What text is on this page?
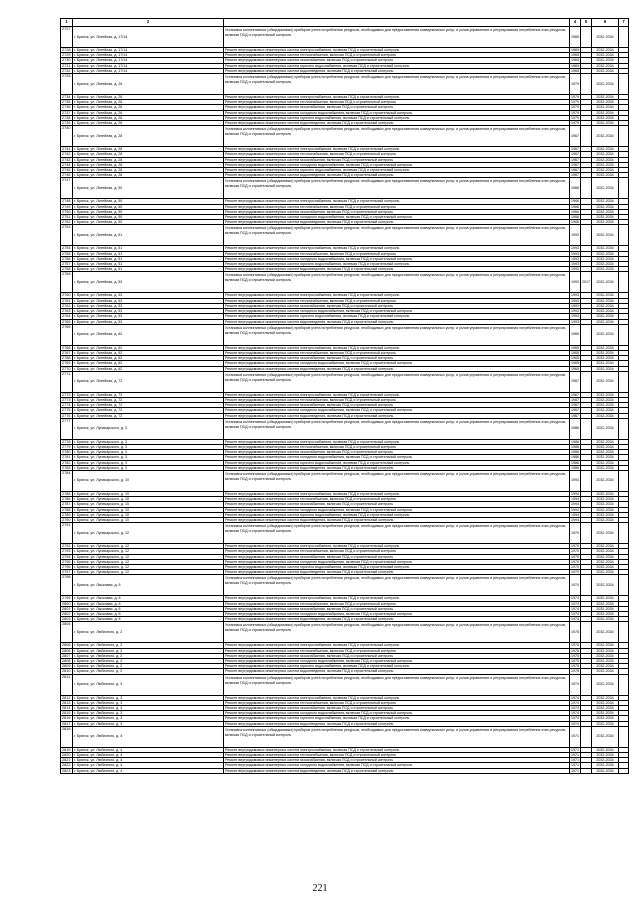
1	2		4	5	6	7
2727	г. Брянск, ул. Литейная, д. 17/14	Установка коллективных (общедомовых) приборов учета потребления ресурсов, необходимых для предоставления коммунальных услуг, и узлов управления и регулирования потребления этих ресурсов, включая ПСД и строительный контроль	1965		2032-2034	
2728	г. Брянск, ул. Литейная, д. 17/14	Ремонт внутридомовых инженерных систем электроснабжения, включая ПСД и строительный контроль	1965		2032-2034	
2729	г. Брянск, ул. Литейная, д. 17/14	Ремонт внутридомовых инженерных систем теплоснабжения, включая ПСД и строительный контроль	1965		2032-2034	
2730	г. Брянск, ул. Литейная, д. 17/14	Ремонт внутридомовых инженерных систем газоснабжения, включая ПСД и строительный контроль	1965		2032-2034	
2731	г. Брянск, ул. Литейная, д. 17/14	Ремонт внутридомовых инженерных систем горячего водоснабжения, включая ПСД и строительный контроль	1965		2032-2034	
2732	г. Брянск, ул. Литейная, д. 17/14	Ремонт внутридомовых инженерных систем водоотведения, включая ПСД и строительный контроль	1965		2032-2034	
2733	г. Брянск, ул. Литейная, д. 26	Установка коллективных (общедомовых) приборов учета потребления ресурсов, необходимых для предоставления коммунальных услуг, и узлов управления и регулирования потребления этих ресурсов, включая ПСД и строительный контроль	1979		2032-2034	
2734	г. Брянск, ул. Литейная, д. 26	Ремонт внутридомовых инженерных систем электроснабжения, включая ПСД и строительный контроль	1979		2032-2034	
2735	г. Брянск, ул. Литейная, д. 26	Ремонт внутридомовых инженерных систем теплоснабжения, включая ПСД и строительный контроль	1979		2032-2034	
2736	г. Брянск, ул. Литейная, д. 26	Ремонт внутридомовых инженерных систем газоснабжения, включая ПСД и строительный контроль	1979		2032-2034	
2737	г. Брянск, ул. Литейная, д. 26	Ремонт внутридомовых инженерных систем холодного водоснабжения, включая ПСД и строительный контроль	1979		2032-2034	
2738	г. Брянск, ул. Литейная, д. 26	Ремонт внутридомовых инженерных систем горячего водоснабжения, включая ПСД и строительный контроль	1979		2032-2034	
2739	г. Брянск, ул. Литейная, д. 26	Ремонт внутридомовых инженерных систем водоотведения, включая ПСД и строительный контроль	1979		2032-2034	
2740	г. Брянск, ул. Литейная, д. 28	Установка коллективных (общедомовых) приборов учета потребления ресурсов, необходимых для предоставления коммунальных услуг, и узлов управления и регулирования потребления этих ресурсов, включая ПСД и строительный контроль	1967		2032-2034	
2741	г. Брянск, ул. Литейная, д. 28	Ремонт внутридомовых инженерных систем электроснабжения, включая ПСД и строительный контроль	1967		2032-2034	
2742	г. Брянск, ул. Литейная, д. 28	Ремонт внутридомовых инженерных систем теплоснабжения, включая ПСД и строительный контроль	1967		2032-2034	
2743	г. Брянск, ул. Литейная, д. 28	Ремонт внутридомовых инженерных систем газоснабжения, включая ПСД и строительный контроль	1967		2032-2034	
2744	г. Брянск, ул. Литейная, д. 28	Ремонт внутридомовых инженерных систем холодного водоснабжения, включая ПСД и строительный контроль	1967		2032-2034	
2745	г. Брянск, ул. Литейная, д. 28	Ремонт внутридомовых инженерных систем горячего водоснабжения, включая ПСД и строительный контроль	1967		2032-2034	
2746	г. Брянск, ул. Литейная, д. 28	Ремонт внутридомовых инженерных систем водоотведения, включая ПСД и строительный контроль	1967		2032-2034	
2747	г. Брянск, ул. Литейная, д. 50	Установка коллективных (общедомовых) приборов учета потребления ресурсов, необходимых для предоставления коммунальных услуг, и узлов управления и регулирования потребления этих ресурсов, включая ПСД и строительный контроль	1966		2032-2034	
2748	г. Брянск, ул. Литейная, д. 50	Ремонт внутридомовых инженерных систем электроснабжения, включая ПСД и строительный контроль	1966		2032-2034	
2749	г. Брянск, ул. Литейная, д. 50	Ремонт внутридомовых инженерных систем теплоснабжения, включая ПСД и строительный контроль	1966		2032-2034	
2750	г. Брянск, ул. Литейная, д. 50	Ремонт внутридомовых инженерных систем газоснабжения, включая ПСД и строительный контроль	1966		2032-2034	
2751	г. Брянск, ул. Литейная, д. 50	Ремонт внутридомовых инженерных систем холодного водоснабжения, включая ПСД и строительный контроль	1966		2032-2034	
2752	г. Брянск, ул. Литейная, д. 50	Ремонт внутридомовых инженерных систем водоотведения, включая ПСД и строительный контроль	1966		2032-2034	
2753	г. Брянск, ул. Литейная, д. 51	Установка коллективных (общедомовых) приборов учета потребления ресурсов, необходимых для предоставления коммунальных услуг, и узлов управления и регулирования потребления этих ресурсов, включая ПСД и строительный контроль	1993		2032-2034	
2754	г. Брянск, ул. Литейная, д. 51	Ремонт внутридомовых инженерных систем электроснабжения, включая ПСД и строительный контроль	1993		2032-2034	
2755	г. Брянск, ул. Литейная, д. 51	Ремонт внутридомовых инженерных систем теплоснабжения, включая ПСД и строительный контроль	1993		2032-2034	
2756	г. Брянск, ул. Литейная, д. 51	Ремонт внутридомовых инженерных систем холодного водоснабжения, включая ПСД и строительный контроль	1993		2032-2034	
2757	г. Брянск, ул. Литейная, д. 51	Ремонт внутридомовых инженерных систем горячего водоснабжения, включая ПСД и строительный контроль	1993		2032-2034	
2758	г. Брянск, ул. Литейная, д. 51	Ремонт внутридомовых инженерных систем водоотведения, включая ПСД и строительный контроль	1993		2032-2034	
2759	г. Брянск, ул. Литейная, д. 53	Установка коллективных (общедомовых) приборов учета потребления ресурсов, необходимых для предоставления коммунальных услуг, и узлов управления и регулирования потребления этих ресурсов, включая ПСД и строительный контроль	1993	2017	2032-2034	
2760	г. Брянск, ул. Литейная, д. 53	Ремонт внутридомовых инженерных систем электроснабжения, включая ПСД и строительный контроль	1993		2032-2034	
2761	г. Брянск, ул. Литейная, д. 53	Ремонт внутридомовых инженерных систем теплоснабжения, включая ПСД и строительный контроль	1993		2032-2034	
2762	г. Брянск, ул. Литейная, д. 53	Ремонт внутридомовых инженерных систем газоснабжения, включая ПСД и строительный контроль	1993		2032-2034	
2763	г. Брянск, ул. Литейная, д. 53	Ремонт внутридомовых инженерных систем холодного водоснабжения, включая ПСД и строительный контроль	1993		2032-2034	
2764	г. Брянск, ул. Литейная, д. 53	Ремонт внутридомовых инженерных систем горячего водоснабжения, включая ПСД и строительный контроль	1993		2032-2034	
2765	г. Брянск, ул. Литейная, д. 53	Ремонт внутридомовых инженерных систем водоотведения, включая ПСД и строительный контроль	1993		2032-2034	
2765	г. Брянск, ул. Литейная, д. 62	Установка коллективных (общедомовых) приборов учета потребления ресурсов, необходимых для предоставления коммунальных услуг, и узлов управления и регулирования потребления этих ресурсов, включая ПСД и строительный контроль	1965		2032-2034	
2766	г. Брянск, ул. Литейная, д. 62	Ремонт внутридомовых инженерных систем электроснабжения, включая ПСД и строительный контроль	1965		2032-2034	
2767	г. Брянск, ул. Литейная, д. 62	Ремонт внутридомовых инженерных систем теплоснабжения, включая ПСД и строительный контроль	1965		2032-2034	
2768	г. Брянск, ул. Литейная, д. 62	Ремонт внутридомовых инженерных систем газоснабжения, включая ПСД и строительный контроль	1965		2032-2034	
2769	г. Брянск, ул. Литейная, д. 62	Ремонт внутридомовых инженерных систем холодного водоснабжения, включая ПСД и строительный контроль	1965		2032-2034	
2770	г. Брянск, ул. Литейная, д. 62	Ремонт внутридомовых инженерных систем водоотведения, включая ПСД и строительный контроль	1965		2032-2034	
2771	г. Брянск, ул. Литейная, д. 72	Установка коллективных (общедомовых) приборов учета потребления ресурсов, необходимых для предоставления коммунальных услуг, и узлов управления и регулирования потребления этих ресурсов, включая ПСД и строительный контроль	1967		2032-2034	
2772	г. Брянск, ул. Литейная, д. 72	Ремонт внутридомовых инженерных систем электроснабжения, включая ПСД и строительный контроль	1967		2032-2034	
2773	г. Брянск, ул. Литейная, д. 72	Ремонт внутридомовых инженерных систем теплоснабжения, включая ПСД и строительный контроль	1967		2032-2034	
2774	г. Брянск, ул. Литейная, д. 72	Ремонт внутридомовых инженерных систем газоснабжения, включая ПСД и строительный контроль	1967		2032-2034	
2775	г. Брянск, ул. Литейная, д. 72	Ремонт внутридомовых инженерных систем холодного водоснабжения, включая ПСД и строительный контроль	1967		2032-2034	
2776	г. Брянск, ул. Литейная, д. 72	Ремонт внутридомовых инженерных систем водоотведения, включая ПСД и строительный контроль	1967		2032-2034	
2777	г. Брянск, ул. Луначарского, д. 3	Установка коллективных (общедомовых) приборов учета потребления ресурсов, необходимых для предоставления коммунальных услуг, и узлов управления и регулирования потребления этих ресурсов, включая ПСД и строительный контроль	1986		2032-2034	
2778	г. Брянск, ул. Луначарского, д. 3	Ремонт внутридомовых инженерных систем электроснабжения, включая ПСД и строительный контроль	1986		2032-2034	
2779	г. Брянск, ул. Луначарского, д. 3	Ремонт внутридомовых инженерных систем теплоснабжения, включая ПСД и строительный контроль	1986		2032-2034	
2780	г. Брянск, ул. Луначарского, д. 3	Ремонт внутридомовых инженерных систем газоснабжения, включая ПСД и строительный контроль	1986		2032-2034	
2781	г. Брянск, ул. Луначарского, д. 3	Ремонт внутридомовых инженерных систем холодного водоснабжения, включая ПСД и строительный контроль	1986		2032-2034	
2782	г. Брянск, ул. Луначарского, д. 3	Ремонт внутридомовых инженерных систем горячего водоснабжения, включая ПСД и строительный контроль	1986		2032-2034	
2783	г. Брянск, ул. Луначарского, д. 3	Ремонт внутридомовых инженерных систем водоотведения, включая ПСД и строительный контроль	1986		2032-2034	
2784	г. Брянск, ул. Луначарского, д. 10	Установка коллективных (общедомовых) приборов учета потребления ресурсов, необходимых для предоставления коммунальных услуг, и узлов управления и регулирования потребления этих ресурсов, включая ПСД и строительный контроль	1994		2032-2034	
2785	г. Брянск, ул. Луначарского, д. 10	Ремонт внутридомовых инженерных систем электроснабжения, включая ПСД и строительный контроль	1994		2032-2034	
2786	г. Брянск, ул. Луначарского, д. 10	Ремонт внутридомовых инженерных систем теплоснабжения, включая ПСД и строительный контроль	1994		2032-2034	
2787	г. Брянск, ул. Луначарского, д. 10	Ремонт внутридомовых инженерных систем газоснабжения, включая ПСД и строительный контроль	1994		2032-2034	
2788	г. Брянск, ул. Луначарского, д. 10	Ремонт внутридомовых инженерных систем холодного водоснабжения, включая ПСД и строительный контроль	1994		2032-2034	
2789	г. Брянск, ул. Луначарского, д. 10	Ремонт внутридомовых инженерных систем горячего водоснабжения, включая ПСД и строительный контроль	1994		2032-2034	
2790	г. Брянск, ул. Луначарского, д. 10	Ремонт внутридомовых инженерных систем водоотведения, включая ПСД и строительный контроль	1994		2032-2034	
2791	г. Брянск, ул. Луначарского, д. 12	Установка коллективных (общедомовых) приборов учета потребления ресурсов, необходимых для предоставления коммунальных услуг, и узлов управления и регулирования потребления этих ресурсов, включая ПСД и строительный контроль	1970		2032-2034	
2792	г. Брянск, ул. Луначарского, д. 12	Ремонт внутридомовых инженерных систем электроснабжения, включая ПСД и строительный контроль	1970		2032-2034	
2793	г. Брянск, ул. Луначарского, д. 12	Ремонт внутридомовых инженерных систем теплоснабжения, включая ПСД и строительный контроль	1970		2032-2034	
2794	г. Брянск, ул. Луначарского, д. 12	Ремонт внутридомовых инженерных систем газоснабжения, включая ПСД и строительный контроль	1970		2032-2034	
2795	г. Брянск, ул. Луначарского, д. 12	Ремонт внутридомовых инженерных систем холодного водоснабжения, включая ПСД и строительный контроль	1970		2032-2034	
2796	г. Брянск, ул. Луначарского, д. 12	Ремонт внутридомовых инженерных систем горячего водоснабжения, включая ПСД и строительный контроль	1970		2032-2034	
2797	г. Брянск, ул. Луначарского, д. 12	Ремонт внутридомовых инженерных систем водоотведения, включая ПСД и строительный контроль	1970		2032-2034	
2798	г. Брянск, ул. Лысковая, д. 6	Установка коллективных (общедомовых) приборов учета потребления ресурсов, необходимых для предоставления коммунальных услуг, и узлов управления и регулирования потребления этих ресурсов, включая ПСД и строительный контроль	1974		2032-2034	
2799	г. Брянск, ул. Лысковая, д. 6	Ремонт внутридомовых инженерных систем электроснабжения, включая ПСД и строительный контроль	1974		2032-2034	
2800	г. Брянск, ул. Лысковая, д. 6	Ремонт внутридомовых инженерных систем теплоснабжения, включая ПСД и строительный контроль	1974		2032-2034	
2801	г. Брянск, ул. Лысковая, д. 6	Ремонт внутридомовых инженерных систем газоснабжения, включая ПСД и строительный контроль	1974		2032-2034	
2802	г. Брянск, ул. Лысковая, д. 6	Ремонт внутридомовых инженерных систем холодного водоснабжения, включая ПСД и строительный контроль	1974		2032-2034	
2803	г. Брянск, ул. Лысковая, д. 6	Ремонт внутридомовых инженерных систем водоотведения, включая ПСД и строительный контроль	1974		2032-2034	
2804	г. Брянск, ул. Любезного, д. 2	Установка коллективных (общедомовых) приборов учета потребления ресурсов, необходимых для предоставления коммунальных услуг, и узлов управления и регулирования потребления этих ресурсов, включая ПСД и строительный контроль	1975		2032-2034	
2805	г. Брянск, ул. Любезного, д. 2	Ремонт внутридомовых инженерных систем электроснабжения, включая ПСД и строительный контроль	1975		2032-2034	
2806	г. Брянск, ул. Любезного, д. 2	Ремонт внутридомовых инженерных систем теплоснабжения, включая ПСД и строительный контроль	1975		2032-2034	
2807	г. Брянск, ул. Любезного, д. 2	Ремонт внутридомовых инженерных систем газоснабжения, включая ПСД и строительный контроль	1975		2032-2034	
2808	г. Брянск, ул. Любезного, д. 2	Ремонт внутридомовых инженерных систем холодного водоснабжения, включая ПСД и строительный контроль	1975		2032-2034	
2809	г. Брянск, ул. Любезного, д. 2	Ремонт внутридомовых инженерных систем горячего водоснабжения, включая ПСД и строительный контроль	1975		2032-2034	
2810	г. Брянск, ул. Любезного, д. 2	Ремонт внутридомовых инженерных систем водоотведения, включая ПСД и строительный контроль	1975		2032-2034	
2811	г. Брянск, ул. Любезного, д. 3	Установка коллективных (общедомовых) приборов учета потребления ресурсов, необходимых для предоставления коммунальных услуг, и узлов управления и регулирования потребления этих ресурсов, включая ПСД и строительный контроль	1974		2032-2034	
2812	г. Брянск, ул. Любезного, д. 3	Ремонт внутридомовых инженерных систем электроснабжения, включая ПСД и строительный контроль	1974		2032-2034	
2813	г. Брянск, ул. Любезного, д. 3	Ремонт внутридомовых инженерных систем теплоснабжения, включая ПСД и строительный контроль	1974		2032-2034	
2814	г. Брянск, ул. Любезного, д. 3	Ремонт внутридомовых инженерных систем газоснабжения, включая ПСД и строительный контроль	1974		2032-2034	
2815	г. Брянск, ул. Любезного, д. 3	Ремонт внутридомовых инженерных систем холодного водоснабжения, включая ПСД и строительный контроль	1974		2032-2034	
2816	г. Брянск, ул. Любезного, д. 3	Ремонт внутридомовых инженерных систем горячего водоснабжения, включая ПСД и строительный контроль	1974		2032-2034	
2817	г. Брянск, ул. Любезного, д. 3	Ремонт внутридомовых инженерных систем водоотведения, включая ПСД и строительный контроль	1974		2032-2034	
2818	г. Брянск, ул. Любезного, д. 4	Установка коллективных (общедомовых) приборов учета потребления ресурсов, необходимых для предоставления коммунальных услуг, и узлов управления и регулирования потребления этих ресурсов, включая ПСД и строительный контроль	1971		2032-2034	
2819	г. Брянск, ул. Любезного, д. 4	Ремонт внутридомовых инженерных систем электроснабжения, включая ПСД и строительный контроль	1971		2032-2034	
2820	г. Брянск, ул. Любезного, д. 4	Ремонт внутридомовых инженерных систем теплоснабжения, включая ПСД и строительный контроль	1971		2032-2034	
2821	г. Брянск, ул. Любезного, д. 4	Ремонт внутридомовых инженерных систем газоснабжения, включая ПСД и строительный контроль	1971		2032-2034	
2822	г. Брянск, ул. Любезного, д. 4	Ремонт внутридомовых инженерных систем холодного водоснабжения, включая ПСД и строительный контроль	1971		2032-2034	
2823	г. Брянск, ул. Любезного, д. 4	Ремонт внутридомовых инженерных систем водоотведения, включая ПСД и строительный контроль	1971		2032-2034	
221
